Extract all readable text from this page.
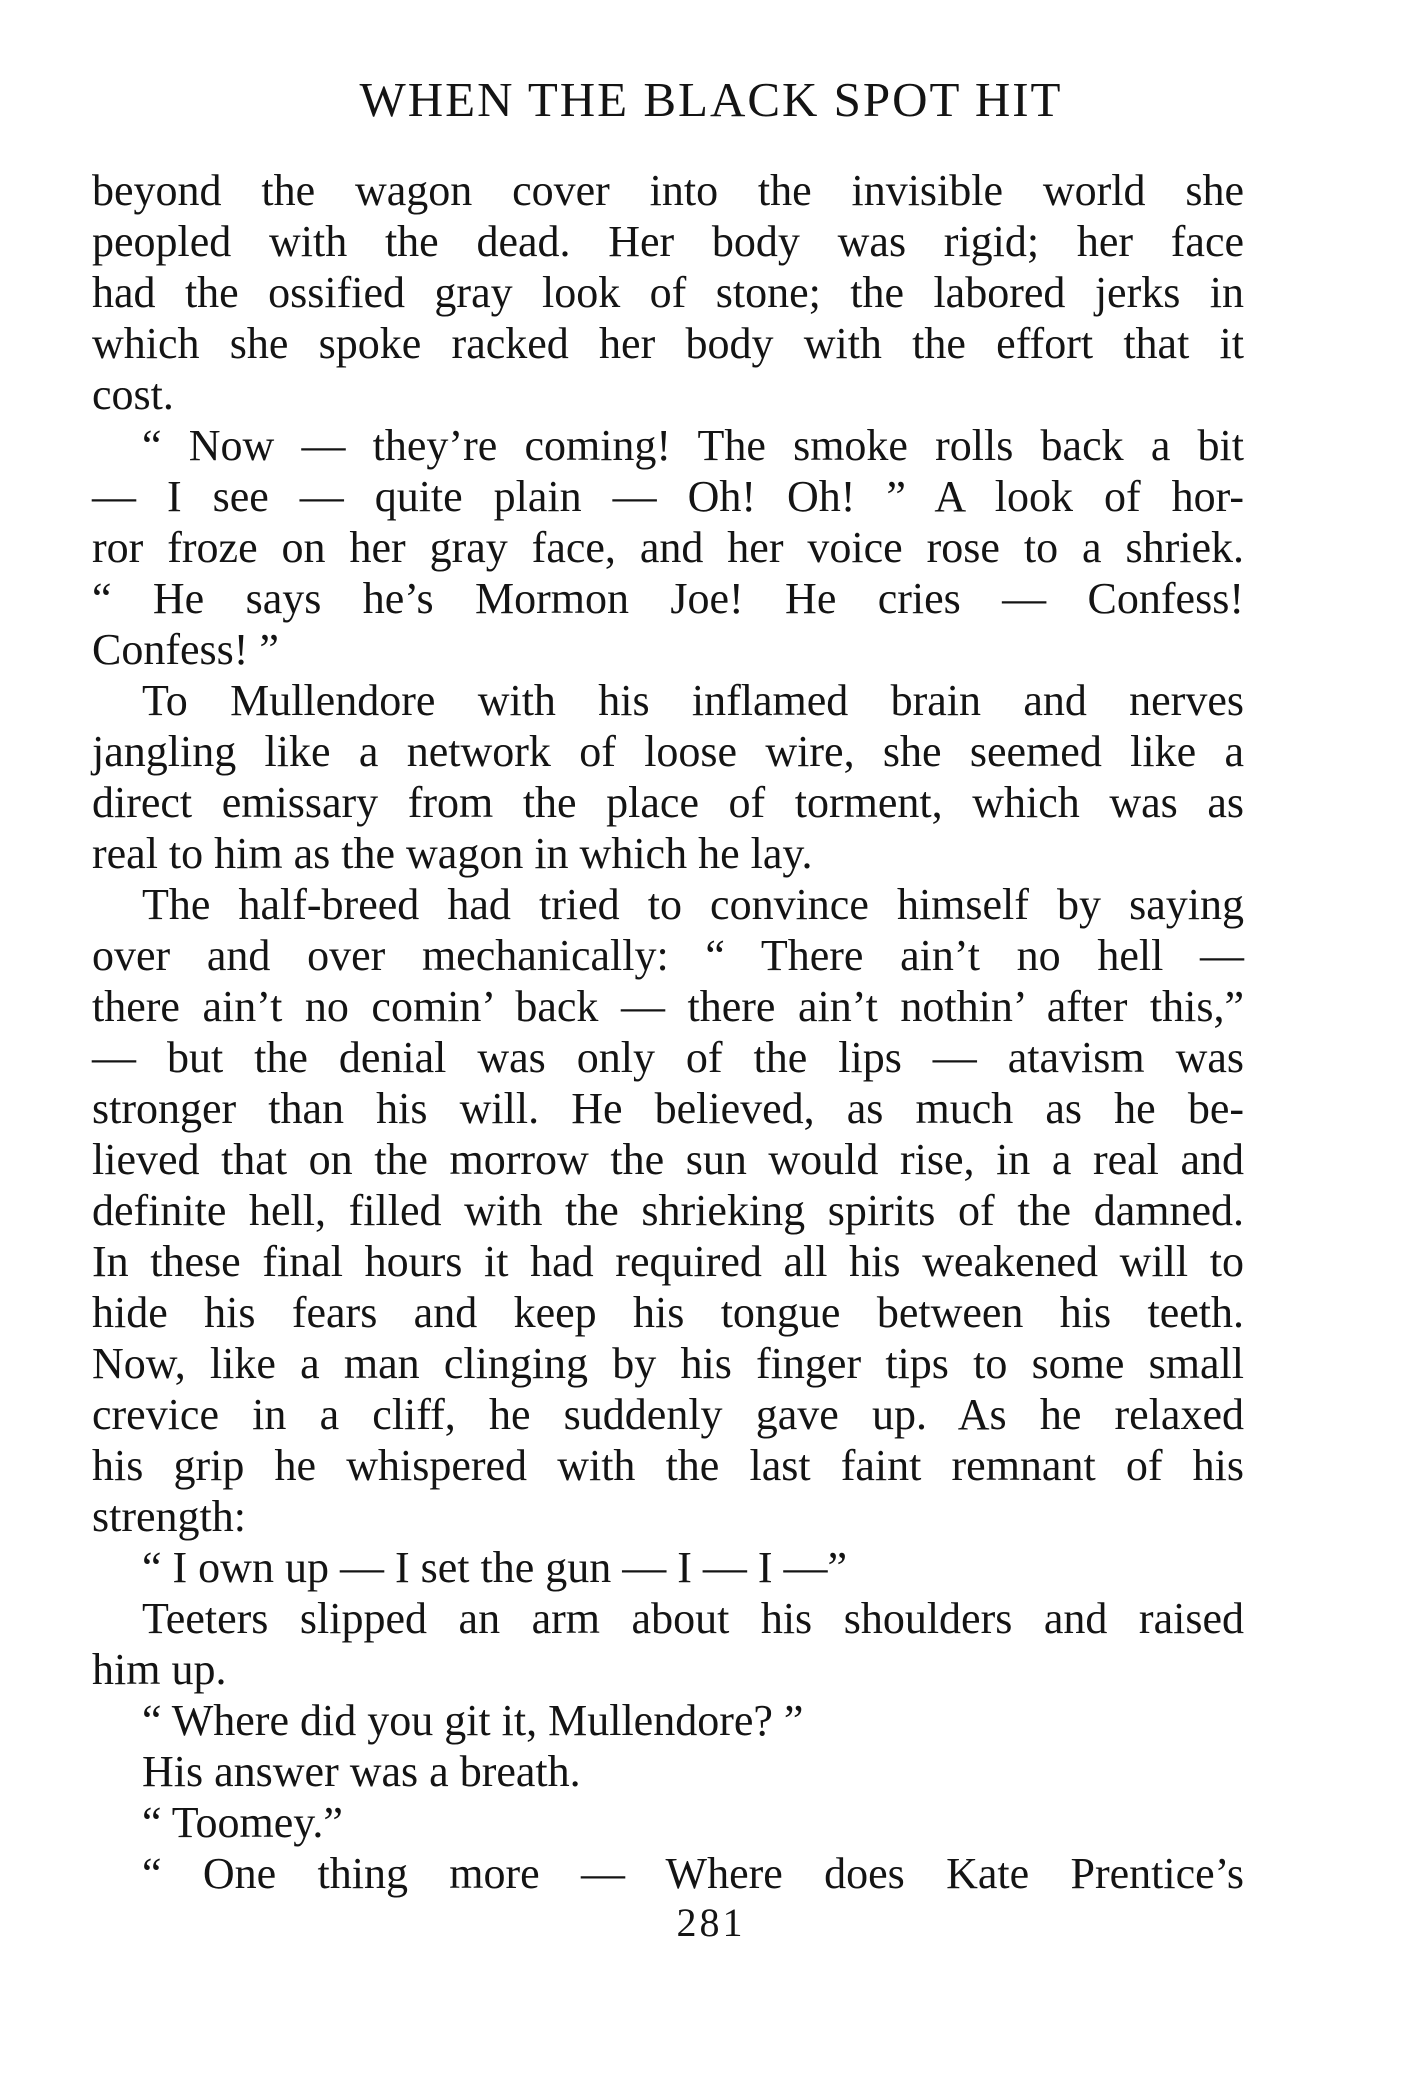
WHEN THE BLACK SPOT HIT
beyond the wagon cover into the invisible world she
peopled with the dead. Her body was rigid; her face
had the ossified gray look of stone; the labored jerks in
which she spoke racked her body with the effort that it
cost.
“ Now — they’re coming! The smoke rolls back a bit
— I see — quite plain — Oh! Oh! ” A look of hor-
ror froze on her gray face, and her voice rose to a shriek.
“ He says he’s Mormon Joe! He cries — Confess!
Confess! ”
To Mullendore with his inflamed brain and nerves
jangling like a network of loose wire, she seemed like a
direct emissary from the place of torment, which was as
real to him as the wagon in which he lay.
The half-breed had tried to convince himself by saying
over and over mechanically: “ There ain’t no hell —
there ain’t no comin’ back — there ain’t nothin’ after this,”
— but the denial was only of the lips — atavism was
stronger than his will. He believed, as much as he be-
lieved that on the morrow the sun would rise, in a real and
definite hell, filled with the shrieking spirits of the damned.
In these final hours it had required all his weakened will to
hide his fears and keep his tongue between his teeth.
Now, like a man clinging by his finger tips to some small
crevice in a cliff, he suddenly gave up. As he relaxed
his grip he whispered with the last faint remnant of his
strength:
“ I own up — I set the gun — I — I —”
Teeters slipped an arm about his shoulders and raised
him up.
“ Where did you git it, Mullendore? ”
His answer was a breath.
“ Toomey.”
“ One thing more — Where does Kate Prentice’s
281
